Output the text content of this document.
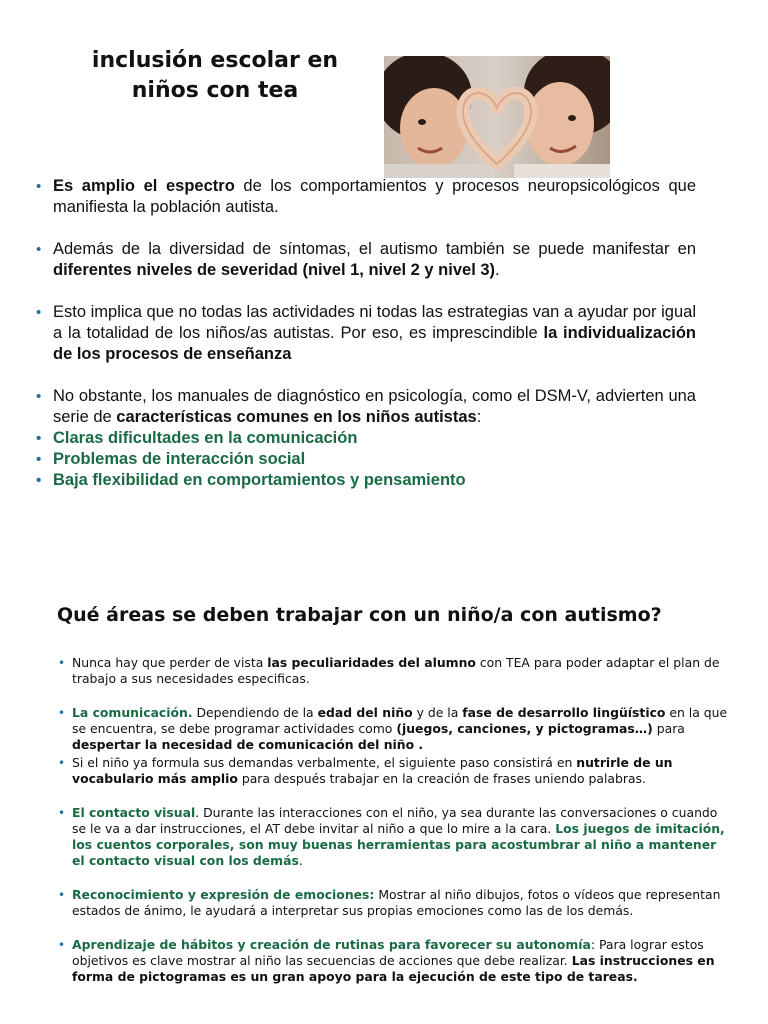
inclusión escolar en niños con tea
• Es amplio el espectro de los comportamientos y procesos neuropsicológicos que manifiesta la población autista.
• Además de la diversidad de síntomas, el autismo también se puede manifestar en diferentes niveles de severidad (nivel 1, nivel 2 y nivel 3).
• Esto implica que no todas las actividades ni todas las estrategias van a ayudar por igual a la totalidad de los niños/as autistas. Por eso, es imprescindible la individualización de los procesos de enseñanza
• No obstante, los manuales de diagnóstico en psicología, como el DSM-V, advierten una serie de características comunes en los niños autistas:
• Claras dificultades en la comunicación
• Problemas de interacción social
• Baja flexibilidad en comportamientos y pensamiento
Qué áreas se deben trabajar con un niño/a con autismo?
• Nunca hay que perder de vista las peculiaridades del alumno con TEA para poder adaptar el plan de trabajo a sus necesidades especificas.
• La comunicación. Dependiendo de la edad del niño y de la fase de desarrollo lingüístico en la que se encuentra, se debe programar actividades como (juegos, canciones, y pictogramas…) para despertar la necesidad de comunicación del niño .
• Si el niño ya formula sus demandas verbalmente, el siguiente paso consistirá en nutrirle de un vocabulario más amplio para después trabajar en la creación de frases uniendo palabras.
• El contacto visual. Durante las interacciones con el niño, ya sea durante las conversaciones o cuando se le va a dar instrucciones, el AT debe invitar al niño a que lo mire a la cara. Los juegos de imitación, los cuentos corporales, son muy buenas herramientas para acostumbrar al niño a mantener el contacto visual con los demás.
• Reconocimiento y expresión de emociones: Mostrar al niño dibujos, fotos o vídeos que representan estados de ánimo, le ayudará a interpretar sus propias emociones como las de los demás.
• Aprendizaje de hábitos y creación de rutinas para favorecer su autonomía: Para lograr estos objetivos es clave mostrar al niño las secuencias de acciones que debe realizar. Las instrucciones en forma de pictogramas es un gran apoyo para la ejecución de este tipo de tareas.
